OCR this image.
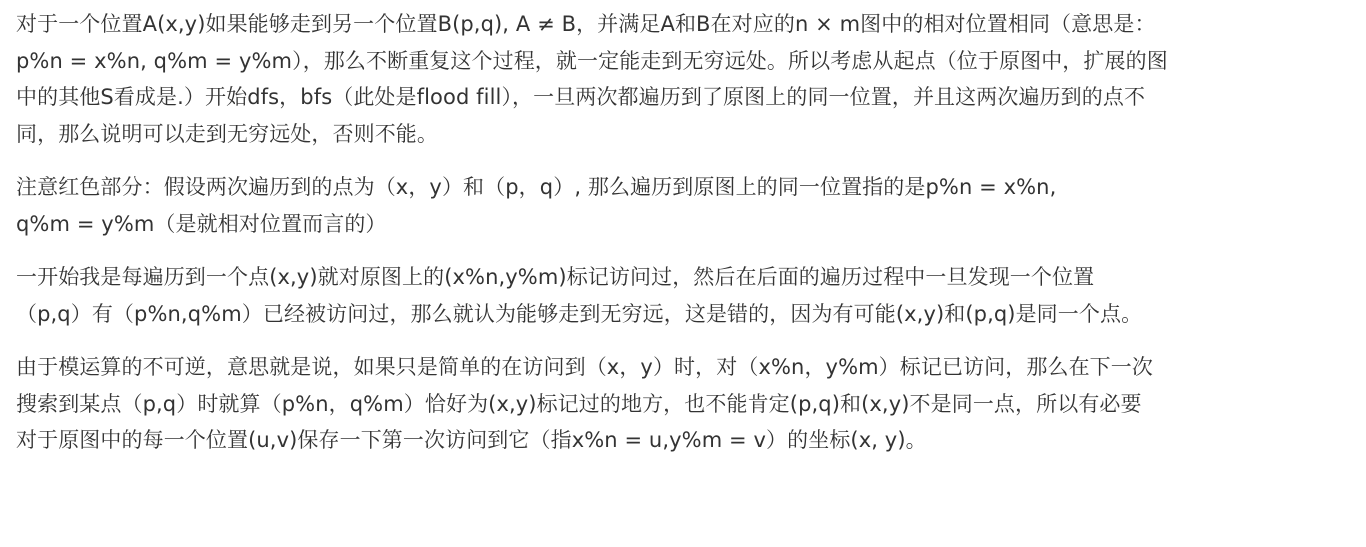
对于一个位置A(x,y)如果能够走到另一个位置B(p,q), A ≠ B，并满足A和B在对应的n × m图中的相对位置相同（意思是：
p%n = x%n, q%m = y%m），那么不断重复这个过程，就一定能走到无穷远处。所以考虑从起点（位于原图中，扩展的图
中的其他S看成是.）开始dfs，bfs（此处是flood fill），一旦两次都遍历到了原图上的同一位置，并且这两次遍历到的点不
同，那么说明可以走到无穷远处，否则不能。
注意红色部分：假设两次遍历到的点为（x，y）和（p，q）, 那么遍历到原图上的同一位置指的是p%n = x%n,
q%m = y%m（是就相对位置而言的）
一开始我是每遍历到一个点(x,y)就对原图上的(x%n,y%m)标记访问过，然后在后面的遍历过程中一旦发现一个位置
（p,q）有（p%n,q%m）已经被访问过，那么就认为能够走到无穷远，这是错的，因为有可能(x,y)和(p,q)是同一个点。
由于模运算的不可逆，意思就是说，如果只是简单的在访问到（x，y）时，对（x%n，y%m）标记已访问，那么在下一次
搜索到某点（p,q）时就算（p%n，q%m）恰好为(x,y)标记过的地方，也不能肯定(p,q)和(x,y)不是同一点，所以有必要
对于原图中的每一个位置(u,v)保存一下第一次访问到它（指x%n = u,y%m = v）的坐标(x, y)。
